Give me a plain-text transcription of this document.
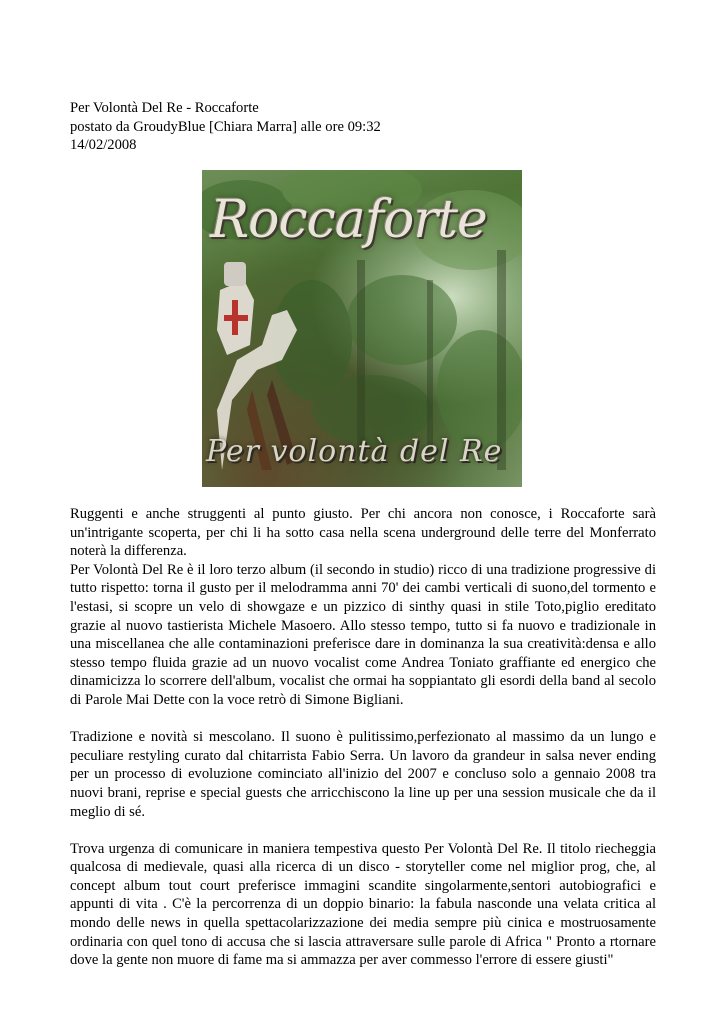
Per Volontà Del Re - Roccaforte
postato da GroudyBlue [Chiara Marra] alle ore 09:32
14/02/2008
Roccaforte
Per volontà del Re

Ruggenti e anche struggenti al punto giusto. Per chi ancora non conosce, i Roccaforte sarà un'intrigante scoperta, per chi li ha sotto casa nella scena underground delle terre del Monferrato noterà la differenza.

Per Volontà Del Re è il loro terzo album (il secondo in studio) ricco di una tradizione progressive di tutto rispetto: torna il gusto per il melodramma anni 70' dei cambi verticali di suono,del tormento e l'estasi, si scopre un velo di showgaze e un pizzico di sinthy quasi in stile Toto,piglio ereditato grazie al nuovo tastierista Michele Masoero. Allo stesso tempo, tutto si fa nuovo e tradizionale in una miscellanea che alle contaminazioni preferisce dare in dominanza la sua creatività:densa e allo stesso tempo fluida grazie ad un nuovo vocalist come Andrea Toniato graffiante ed energico che dinamicizza lo scorrere dell'album, vocalist che ormai ha soppiantato gli esordi della band al secolo di Parole Mai Dette con la voce retrò di Simone Bigliani.

Tradizione e novità si mescolano. Il suono è pulitissimo,perfezionato al massimo da un lungo e peculiare restyling curato dal chitarrista Fabio Serra. Un lavoro da grandeur in salsa never ending per un processo di evoluzione cominciato all'inizio del 2007 e concluso solo a gennaio 2008 tra nuovi brani, reprise e special guests che arricchiscono la line up per una session musicale che da il meglio di sé.

Trova urgenza di comunicare in maniera tempestiva questo Per Volontà Del Re. Il titolo riecheggia qualcosa di medievale, quasi alla ricerca di un disco - storyteller come nel miglior prog, che, al concept album tout court preferisce immagini scandite singolarmente,sentori autobiografici e appunti di vita . C'è la percorrenza di un doppio binario: la fabula nasconde una velata critica al mondo delle news in quella spettacolarizzazione dei media sempre più cinica e mostruosamente ordinaria con quel tono di accusa che si lascia attraversare sulle parole di Africa " Pronto a rtornare dove la gente non muore di fame ma si ammazza per aver commesso l'errore di essere giusti"
